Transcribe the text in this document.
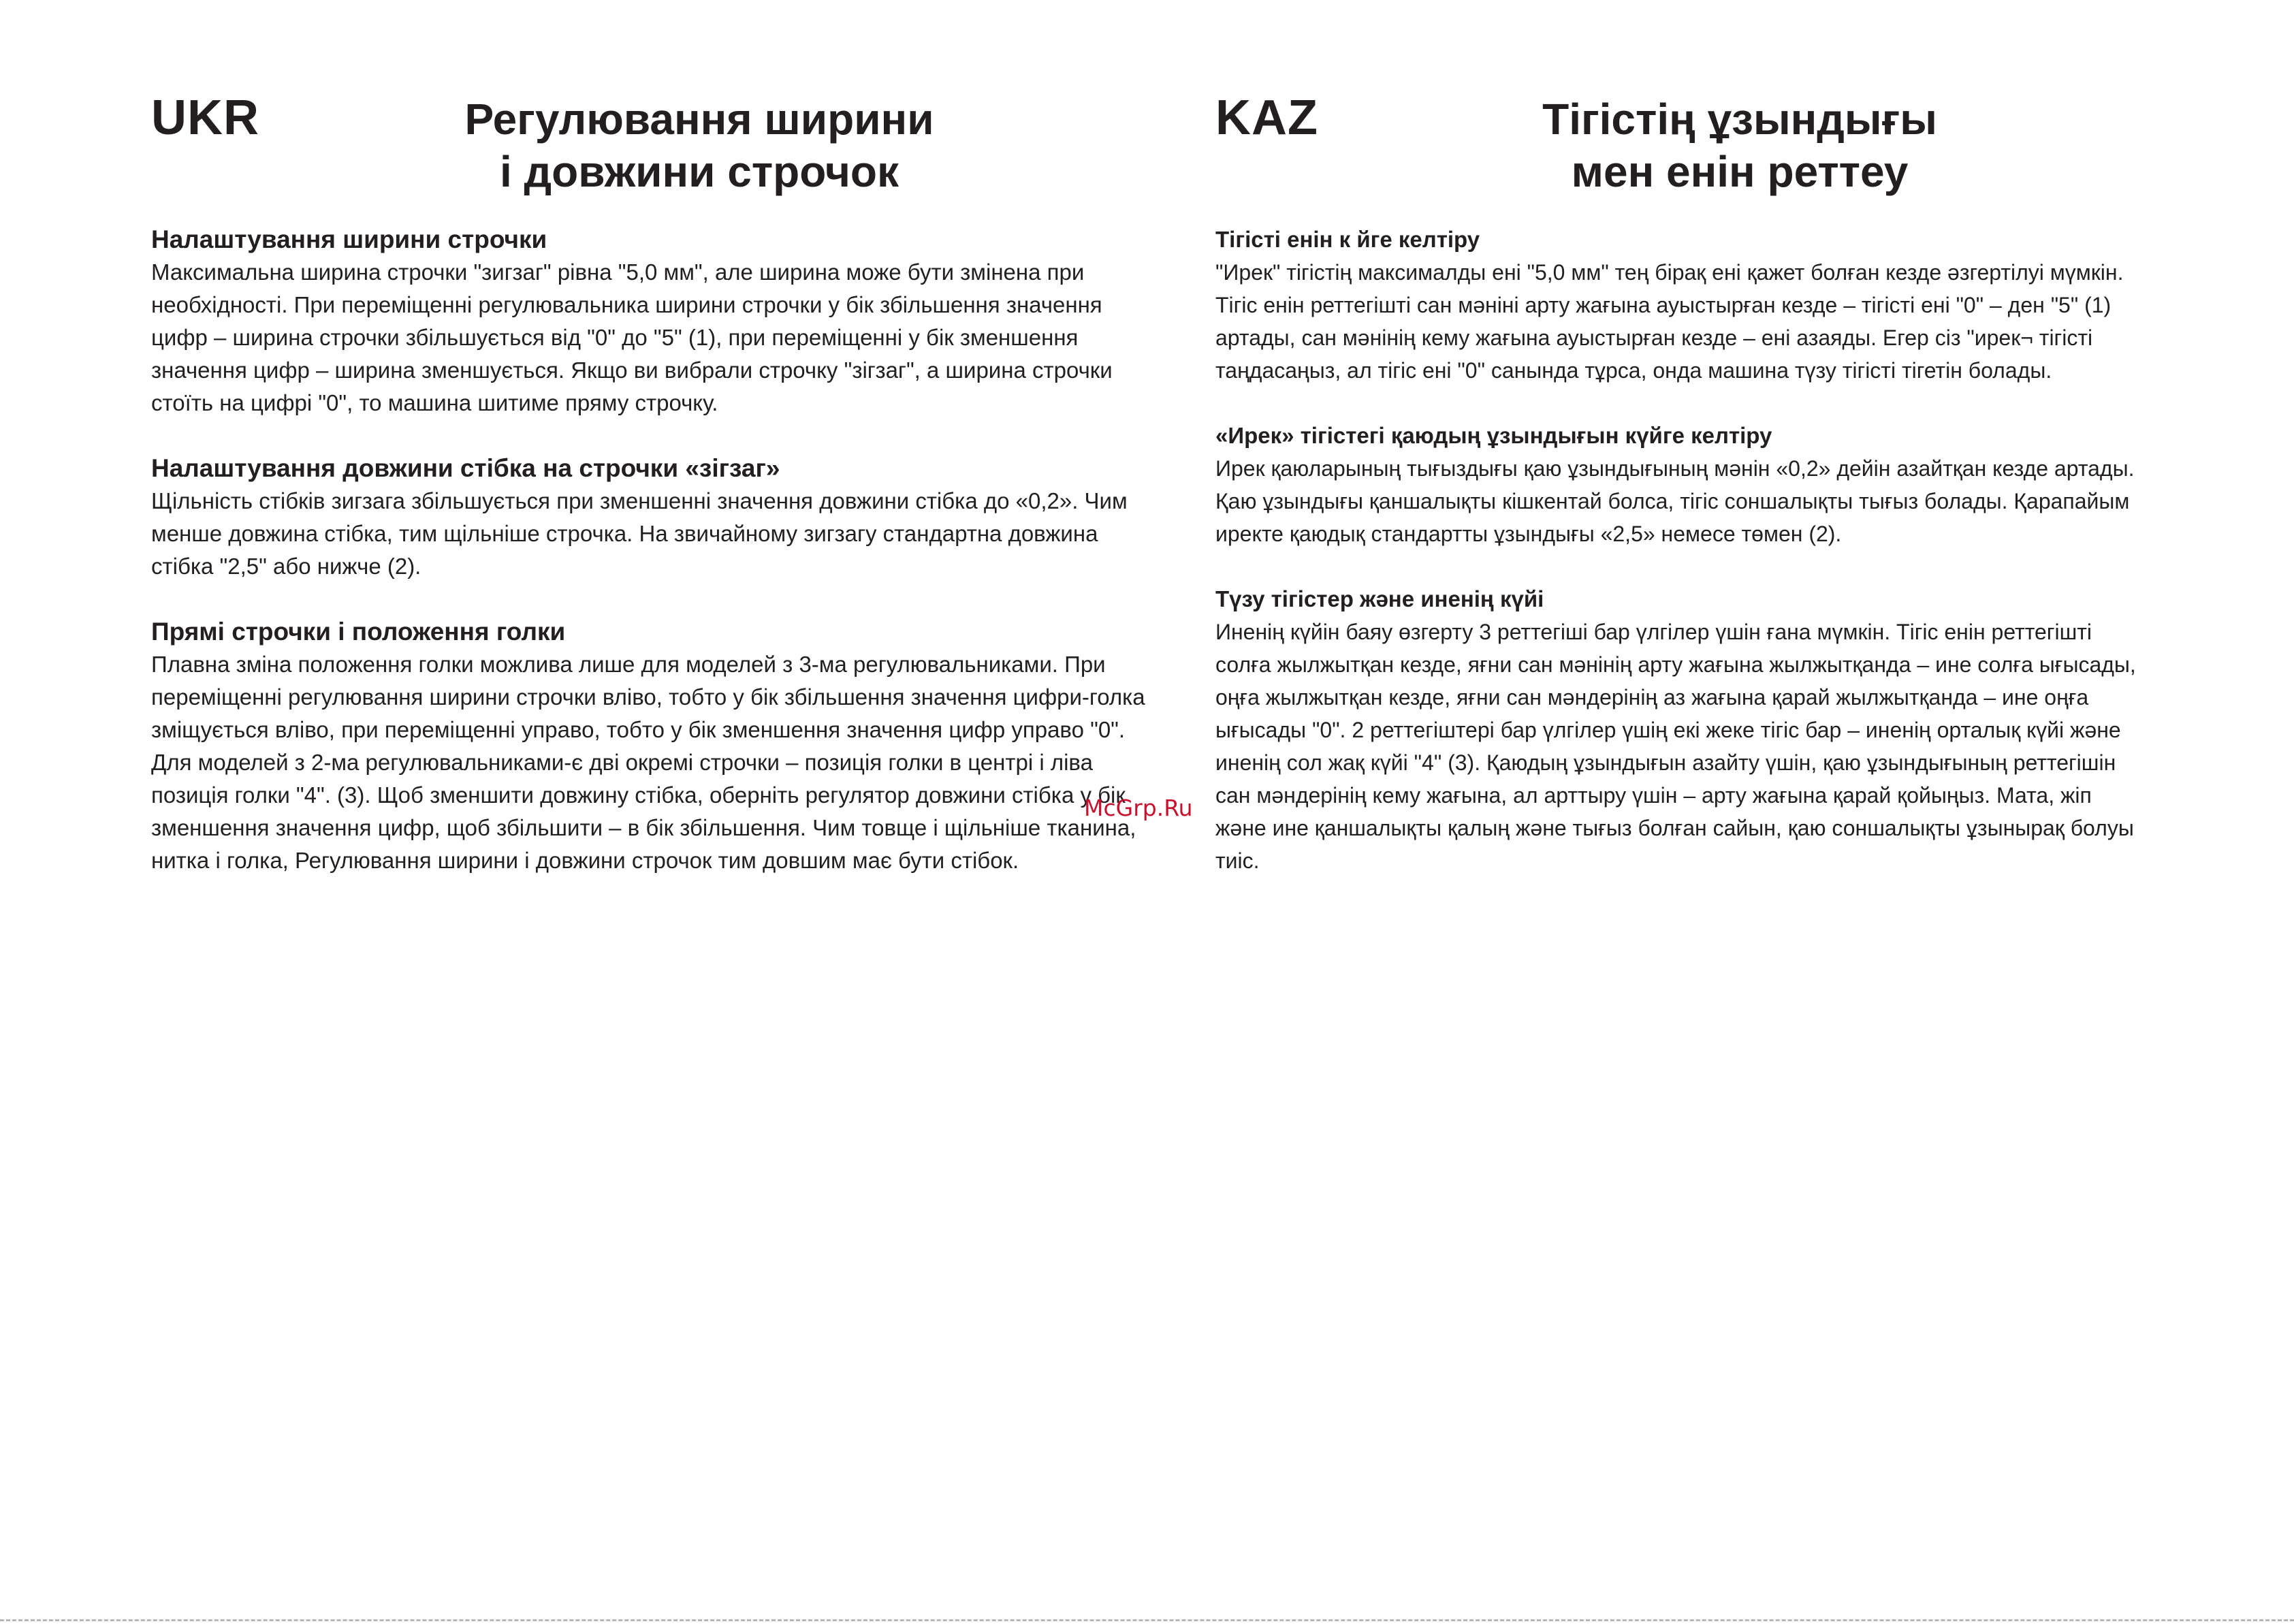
UKR	Регулювання ширини
і довжини строчок

Налаштування ширини строчки

Максимальна ширина строчки "зигзаг" рівна "5,0 мм", але ширина може бути змінена при необхідності. При переміщенні регулювальника ширини строчки у бік збільшення значення цифр – ширина строчки збільшується від "0" до "5" (1), при переміщенні у бік зменшення значення цифр – ширина зменшується. Якщо ви вибрали строчку "зігзаг", а ширина строчки стоїть на цифрі "0", то машина шитиме пряму строчку.

Налаштування довжини стібка на строчки «зігзаг»

Щільність стібків зигзага збільшується при зменшенні значення довжини стібка до «0,2». Чим менше довжина стібка, тим щільніше строчка. На звичайному зигзагу стандартна довжина стібка "2,5" або нижче (2).

Прямі строчки і положення голки

Плавна зміна положення голки можлива лише для моделей з 3-ма регулювальниками. При переміщенні регулювання ширини строчки вліво, тобто у бік збільшення значення цифри-голка зміщується вліво, при переміщенні управо, тобто у бік зменшення значення цифр управо "0". Для моделей з 2-ма регулювальниками-є дві окремі строчки – позиція голки в центрі і ліва позиція голки "4". (3). Щоб зменшити довжину стібка, оберніть регулятор довжини стібка у бік зменшення значення цифр, щоб збільшити – в бік збільшення. Чим товще і щільніше тканина, нитка і голка, Регулювання ширини і довжини строчок тим довшим має бути стібок.

KAZ	Тігістің ұзындығы
мен енін реттеу

Тігісті енін к йге келтіру

"Ирек" тігістің максималды ені "5,0 мм" тең бірақ ені қажет болған кезде әзгертілуі мүмкін. Тігіс енін реттегішті сан мәніні арту жағына ауыстырған кезде – тігісті ені "0" – ден "5" (1) артады, сан мәнінің кему жағына ауыстырған кезде – ені азаяды. Егер сіз "ирек¬ тігісті таңдасаңыз, ал тігіс ені "0" санында тұрса, онда машина түзу тігісті тігетін болады.

«Ирек» тігістегі қаюдың ұзындығын күйге келтіру

Ирек қаюларының тығыздығы қаю ұзындығының мәнін «0,2» дейін азайтқан кезде артады. Қаю ұзындығы қаншалықты кішкентай болса, тігіс соншалықты тығыз болады. Қарапайым иректе қаюдық стандартты ұзындығы «2,5» немесе төмен (2).

Түзу тігістер және иненің күйі

Иненің күйін баяу өзгерту 3 реттегіші бар үлгілер үшін ғана мүмкін. Тігіс енін реттегішті солға жылжытқан кезде, яғни сан мәнінің арту жағына жылжытқанда – ине солға ығысады, оңға жылжытқан кезде, яғни сан мәндерінің аз жағына қарай жылжытқанда – ине оңға ығысады "0". 2 реттегіштері бар үлгілер үшің екі жеке тігіс бар – иненің орталық күйі және иненің сол жақ күйі "4" (3). Қаюдың ұзындығын азайту үшін, қаю ұзындығының реттегішін сан мәндерінің кему жағына, ал арттыру үшін – арту жағына қарай қойыңыз. Мата, жіп және ине қаншалықты қалың және тығыз болған сайын, қаю соншалықты ұзынырақ болуы тиіс.

McGrp.Ru
